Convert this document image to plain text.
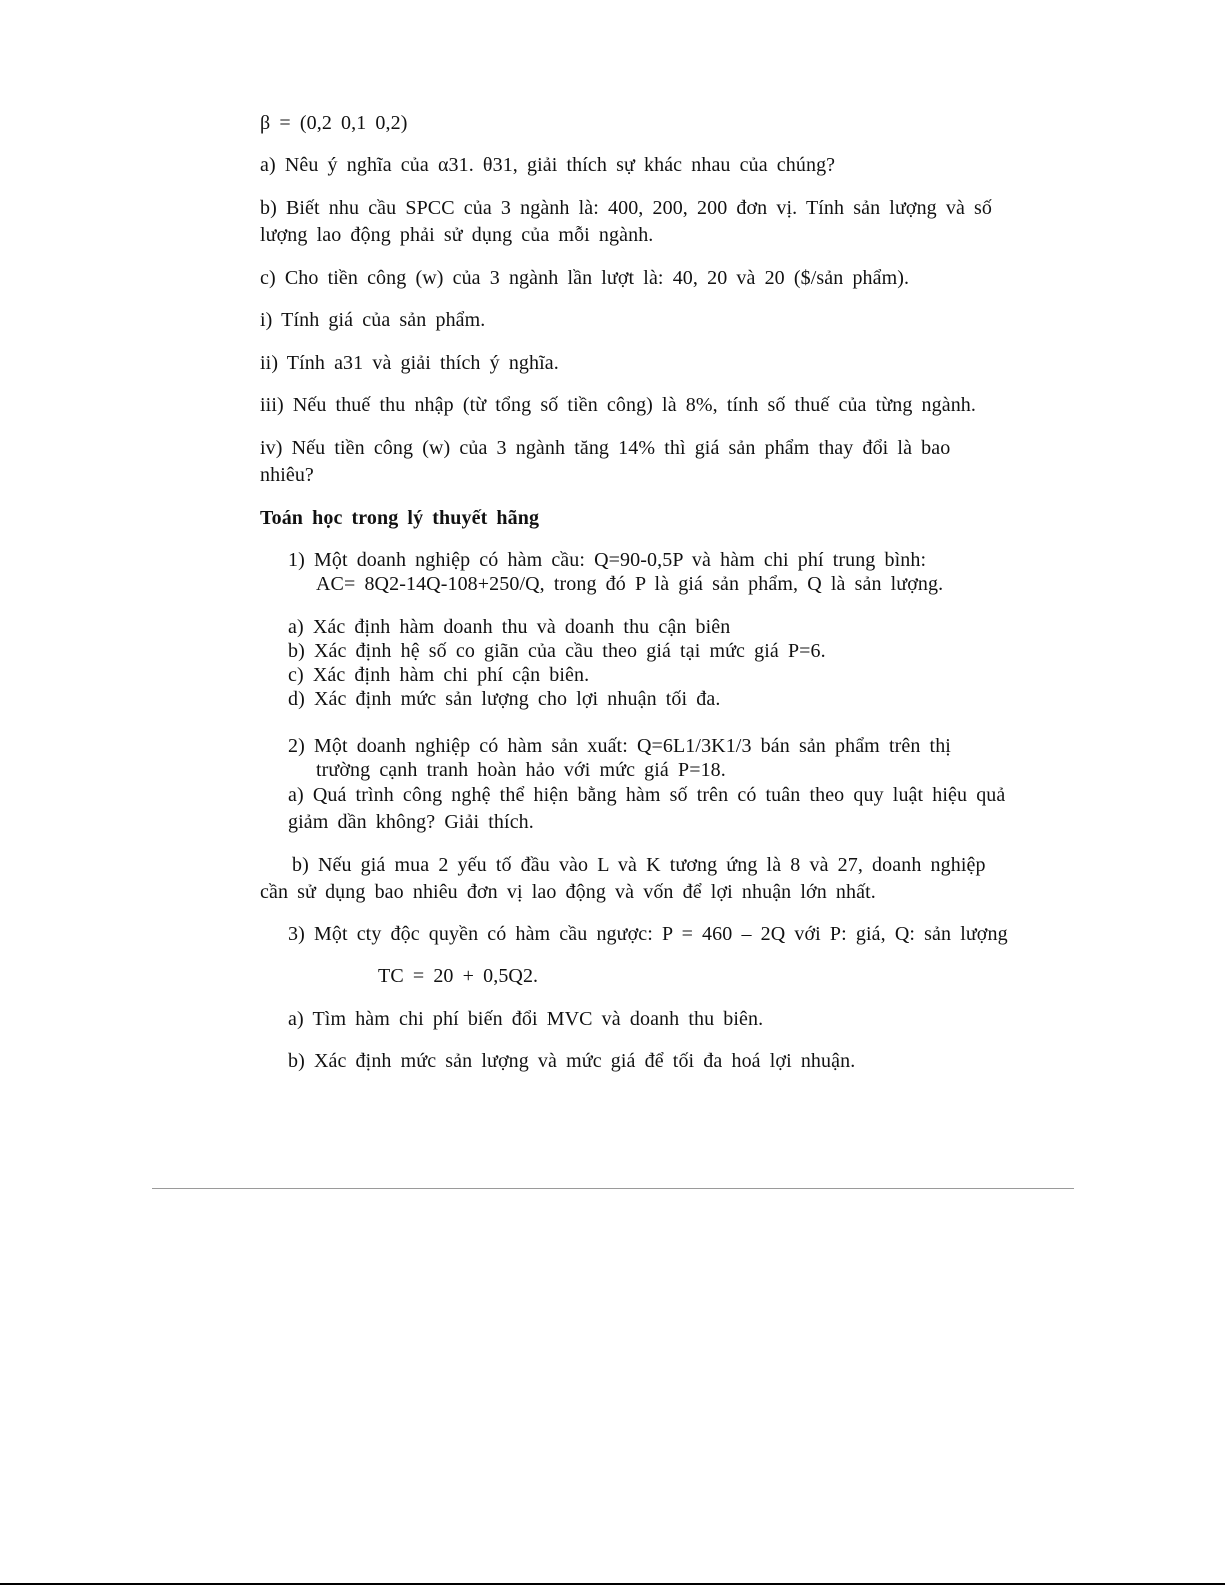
β = (0,2 0,1 0,2)
a) Nêu ý nghĩa của α31. θ31, giải thích sự khác nhau của chúng?
b) Biết nhu cầu SPCC của 3 ngành là: 400, 200, 200 đơn vị. Tính sản lượng và số
lượng lao động phải sử dụng của mỗi ngành.
c) Cho tiền công (w) của 3 ngành lần lượt là: 40, 20 và 20 ($/sản phẩm).
i) Tính giá của sản phẩm.
ii) Tính a31 và giải thích ý nghĩa.
iii) Nếu thuế thu nhập (từ tổng số tiền công) là 8%, tính số thuế của từng ngành.
iv) Nếu tiền công (w) của 3 ngành tăng 14% thì giá sản phẩm thay đổi là bao
nhiêu?
Toán học trong lý thuyết hãng
1) Một doanh nghiệp có hàm cầu: Q=90-0,5P và hàm chi phí trung bình:
AC= 8Q2-14Q-108+250/Q, trong đó P là giá sản phẩm, Q là sản lượng.
a) Xác định hàm doanh thu và doanh thu cận biên
b) Xác định hệ số co giãn của cầu theo giá tại mức giá P=6.
c) Xác định hàm chi phí cận biên.
d) Xác định mức sản lượng cho lợi nhuận tối đa.
2) Một doanh nghiệp có hàm sản xuất: Q=6L1/3K1/3 bán sản phẩm trên thị
trường cạnh tranh hoàn hảo với mức giá P=18.
a) Quá trình công nghệ thể hiện bằng hàm số trên có tuân theo quy luật hiệu quả
giảm dần không? Giải thích.
b) Nếu giá mua 2 yếu tố đầu vào L và K tương ứng là 8 và 27, doanh nghiệp
cần sử dụng bao nhiêu đơn vị lao động và vốn để lợi nhuận lớn nhất.
3) Một cty độc quyền có hàm cầu ngược: P = 460 – 2Q với P: giá, Q: sản lượng
TC = 20 + 0,5Q2.
a) Tìm hàm chi phí biến đổi MVC và doanh thu biên.
b) Xác định mức sản lượng và mức giá để tối đa hoá lợi nhuận.
